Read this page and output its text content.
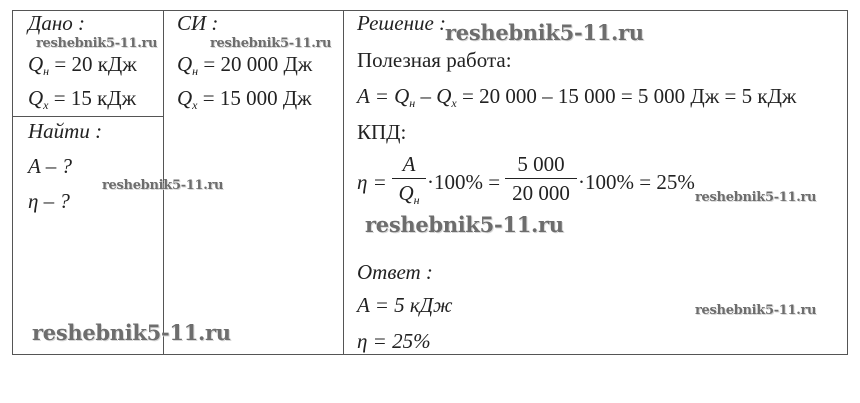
Дано :
$Q_н = 20$ кДж
$Q_х = 15$ кДж
Найти :
A – ?
η – ?
СИ :
$Q_н = 20$ 000 Дж
$Q_х = 15$ 000 Дж
Решение :
Полезная работа:
$A = Q_н - Q_х = 20$ 000 – 15 000 = 5 000 Дж = 5 кДж
КПД:
η =
A
$Q_н$
$\cdot 100\% = \frac{5 000}{20 000} \cdot 100\% = 25\%$
Ответ :
A = 5 кДж
η = 25%
reshebnik5-11.ru	reshebnik5-11.ru	reshebnik5-11.ru
reshebnik5-11.ru
reshebnik5-11.ru
reshebnik5-11.ru
reshebnik5-11.ru
reshebnik5-11.ru
